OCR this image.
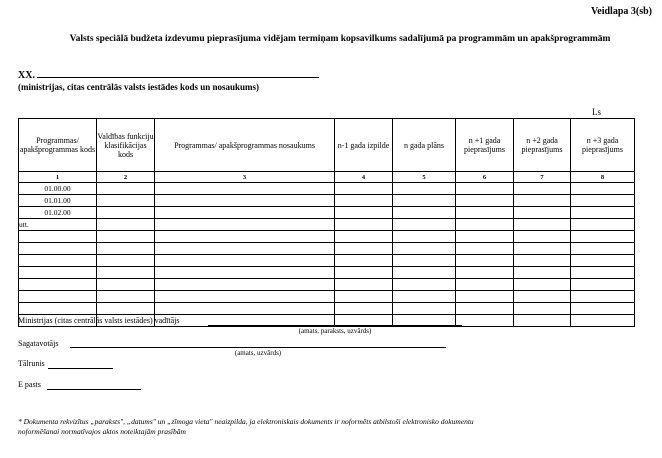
Veidlapa 3(sb)
Valsts speciālā budžeta izdevumu pieprasījuma vidējam termiņam kopsavilkums sadalījumā pa programmām un apakšprogrammām
XX.
(ministrijas, citas centrālās valsts iestādes kods un nosaukums)
Ls
Programmas/ apakšprogrammas kods	Valdības funkciju klasifikācijas kods	Programmas/ apakšprogrammas nosaukums	n-1 gada izpilde	n gada plāns	n +1 gada pieprasījums	n +2 gada pieprasījums	n +3 gada pieprasījums
1	2	3	4	5	6	7	8
01.00.00							
01.01.00							
01.02.00							
utt.							

Ministrijas (citas centrālās valsts iestādes) vadītājs
(amats, paraksts, uzvārds)
Sagatavotājs
(amats, uzvārds)
Tālrunis
E pasts
* Dokumenta rekvizītus „paraksts", „datums" un „zīmoga vieta" neaizpilda, ja elektroniskais dokuments ir noformēts atbilstoši elektronisko dokumentu
noformēšanai normatīvajos aktos noteiktajām prasībām
